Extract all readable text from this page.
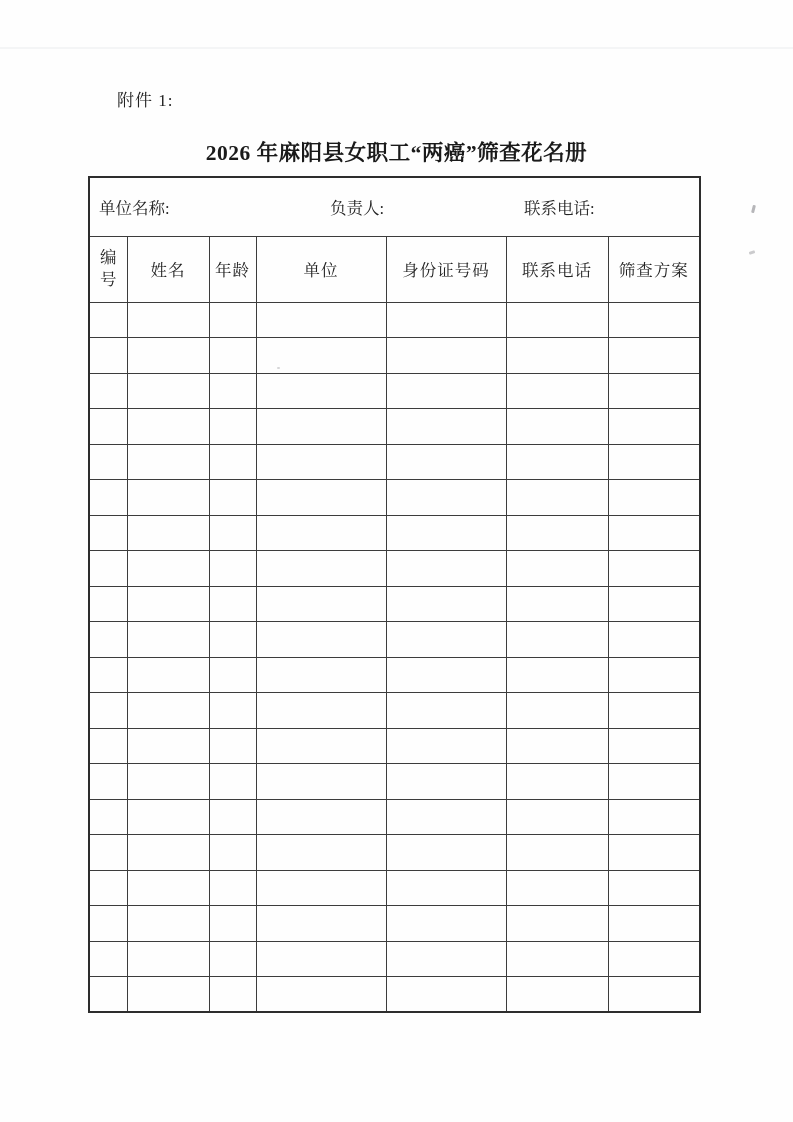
附件 1:
2026 年麻阳县女职工“两癌”筛查花名册
单位名称: 负责人: 联系电话:						

编号	姓名	年龄	单位	身份证号码	联系电话	筛查方案
